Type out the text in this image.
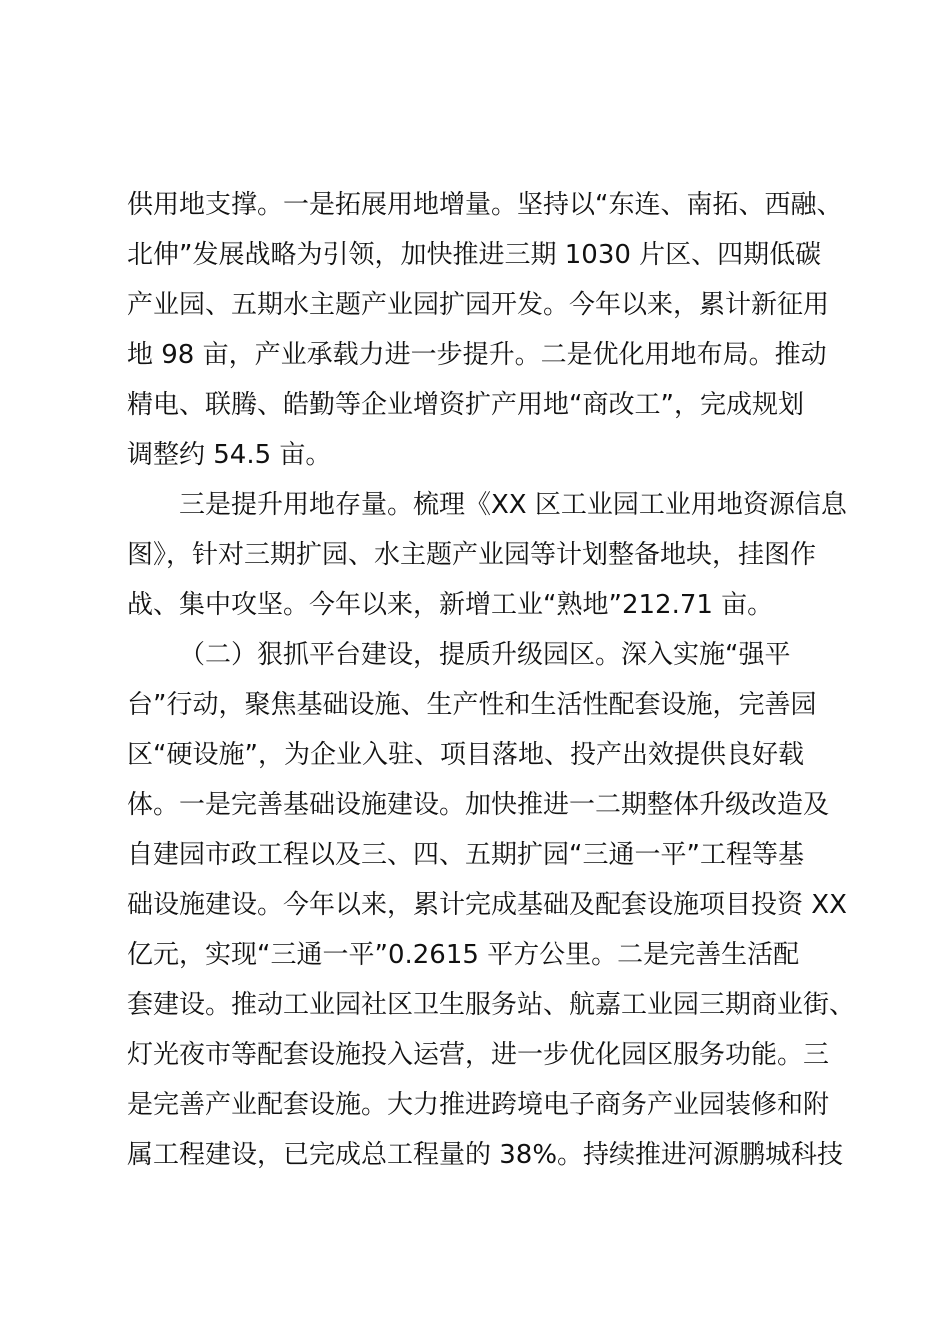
供用地支撑。一是拓展用地增量。坚持以“东连、南拓、西融、
北伸”发展战略为引领，加快推进三期 1030 片区、四期低碳
产业园、五期水主题产业园扩园开发。今年以来，累计新征用
地 98 亩，产业承载力进一步提升。二是优化用地布局。推动
精电、联腾、皓勤等企业增资扩产用地“商改工”，完成规划
调整约 54.5 亩。
三是提升用地存量。梳理《XX 区工业园工业用地资源信息
图》，针对三期扩园、水主题产业园等计划整备地块，挂图作
战、集中攻坚。今年以来，新增工业“熟地”212.71 亩。
（二）狠抓平台建设，提质升级园区。深入实施“强平
台”行动，聚焦基础设施、生产性和生活性配套设施，完善园
区“硬设施”，为企业入驻、项目落地、投产出效提供良好载
体。一是完善基础设施建设。加快推进一二期整体升级改造及
自建园市政工程以及三、四、五期扩园“三通一平”工程等基
础设施建设。今年以来，累计完成基础及配套设施项目投资 XX
亿元，实现“三通一平”0.2615 平方公里。二是完善生活配
套建设。推动工业园社区卫生服务站、航嘉工业园三期商业街、
灯光夜市等配套设施投入运营，进一步优化园区服务功能。三
是完善产业配套设施。大力推进跨境电子商务产业园装修和附
属工程建设，已完成总工程量的 38%。持续推进河源鹏城科技
